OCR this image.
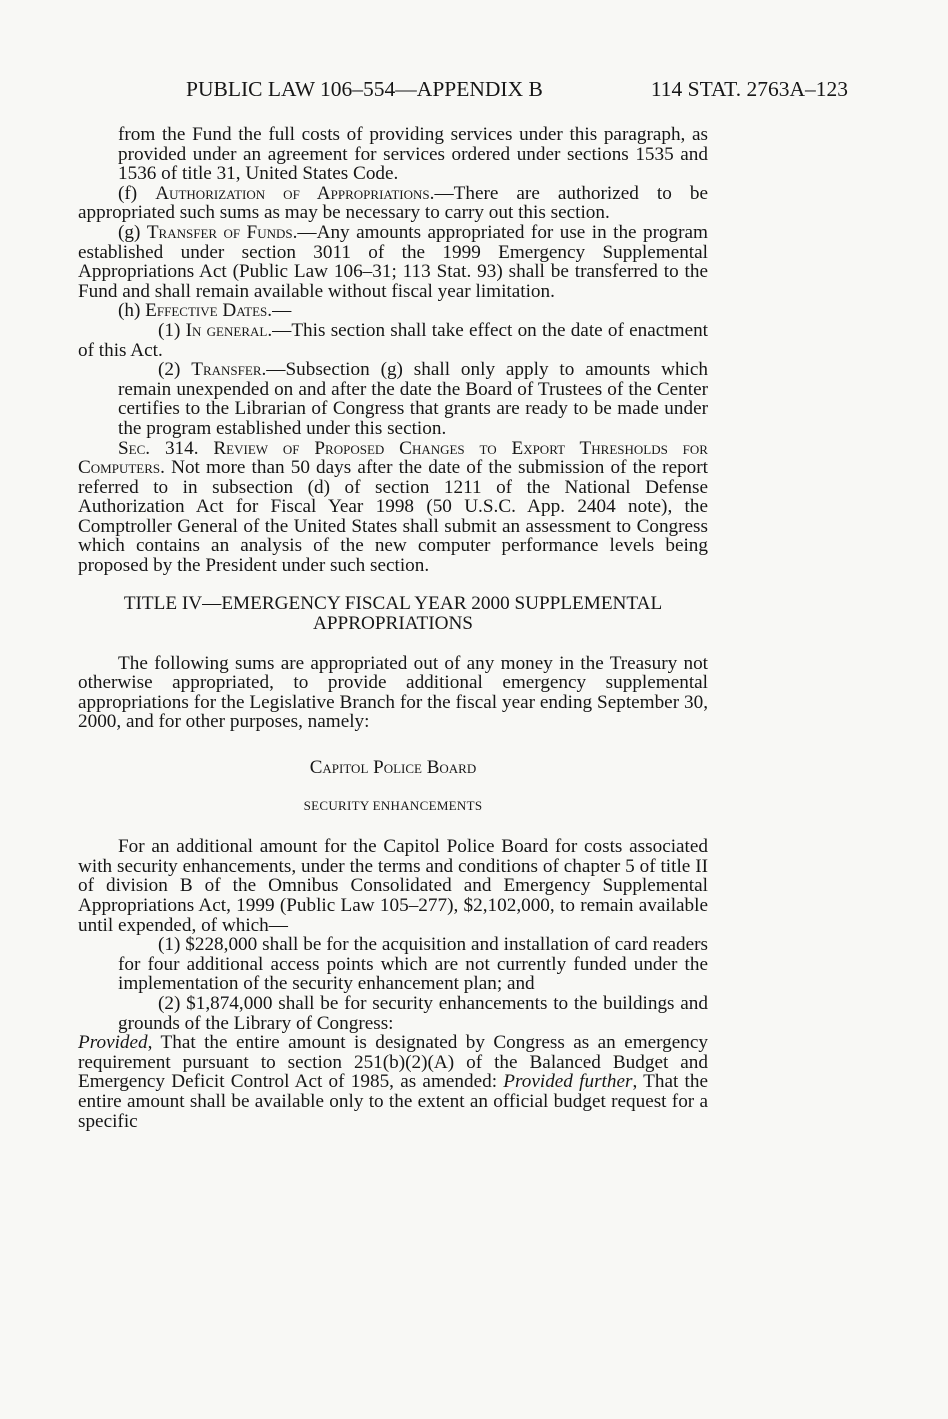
PUBLIC LAW 106–554—APPENDIX B	114 STAT. 2763A–123

from the Fund the full costs of providing services under this paragraph, as provided under an agreement for services ordered under sections 1535 and 1536 of title 31, United States Code.

(f) Authorization of Appropriations.—There are authorized to be appropriated such sums as may be necessary to carry out this section.

(g) Transfer of Funds.—Any amounts appropriated for use in the program established under section 3011 of the 1999 Emergency Supplemental Appropriations Act (Public Law 106–31; 113 Stat. 93) shall be transferred to the Fund and shall remain available without fiscal year limitation.

(h) Effective Dates.—

(1) In general.—This section shall take effect on the date of enactment of this Act.

(2) Transfer.—Subsection (g) shall only apply to amounts which remain unexpended on and after the date the Board of Trustees of the Center certifies to the Librarian of Congress that grants are ready to be made under the program established under this section.

Sec. 314. Review of Proposed Changes to Export Thresholds for Computers. Not more than 50 days after the date of the submission of the report referred to in subsection (d) of section 1211 of the National Defense Authorization Act for Fiscal Year 1998 (50 U.S.C. App. 2404 note), the Comptroller General of the United States shall submit an assessment to Congress which contains an analysis of the new computer performance levels being proposed by the President under such section.

TITLE IV—EMERGENCY FISCAL YEAR 2000 SUPPLEMENTAL
APPROPRIATIONS

The following sums are appropriated out of any money in the Treasury not otherwise appropriated, to provide additional emergency supplemental appropriations for the Legislative Branch for the fiscal year ending September 30, 2000, and for other purposes, namely:

Capitol Police Board

SECURITY ENHANCEMENTS

For an additional amount for the Capitol Police Board for costs associated with security enhancements, under the terms and conditions of chapter 5 of title II of division B of the Omnibus Consolidated and Emergency Supplemental Appropriations Act, 1999 (Public Law 105–277), $2,102,000, to remain available until expended, of which—

(1) $228,000 shall be for the acquisition and installation of card readers for four additional access points which are not currently funded under the implementation of the security enhancement plan; and

(2) $1,874,000 shall be for security enhancements to the buildings and grounds of the Library of Congress:

Provided, That the entire amount is designated by Congress as an emergency requirement pursuant to section 251(b)(2)(A) of the Balanced Budget and Emergency Deficit Control Act of 1985, as amended: Provided further, That the entire amount shall be available only to the extent an official budget request for a specific
